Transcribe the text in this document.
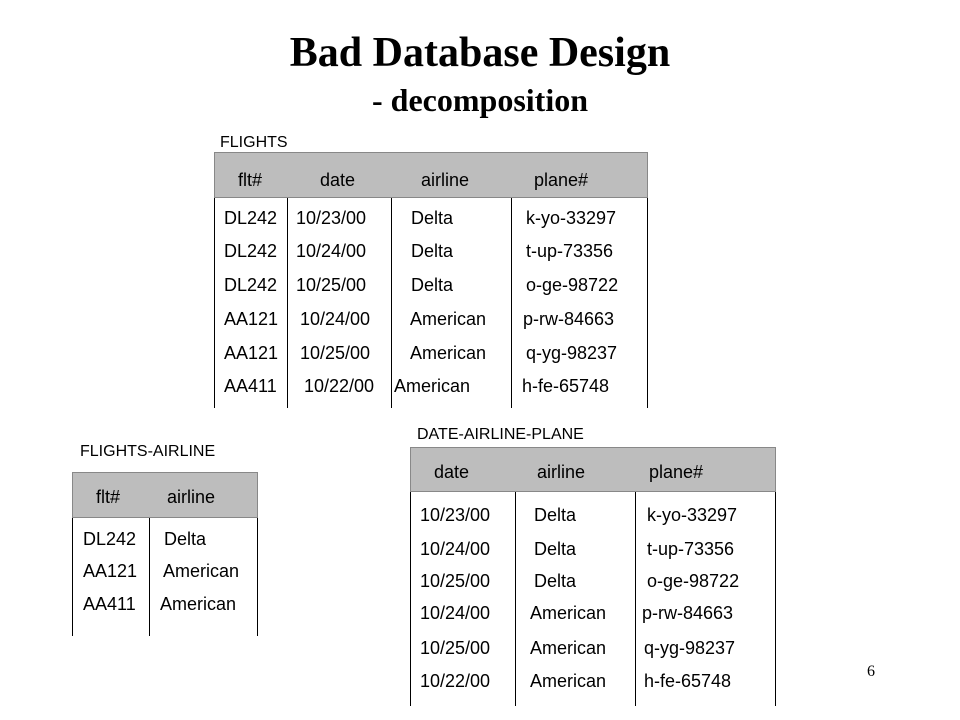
Bad Database Design
- decomposition
FLIGHTS
flt#	date	airline	plane#
DL242 10/23/00 Delta	k-yo-33297
DL242 10/24/00 Delta	t-up-73356
DL242 10/25/00 Delta	o-ge-98722
AA121 10/24/00 American p-rw-84663
AA121 10/25/00 American q-yg-98237
AA411 10/22/00 American	h-fe-65748
FLIGHTS-AIRLINE
flt#	airline
DL242 Delta
AA121 American
AA411 American
DATE-AIRLINE-PLANE
date	airline	plane#
10/23/00 Delta	k-yo-33297
10/24/00 Delta	t-up-73356
10/25/00 Delta	o-ge-98722
10/24/00 American p-rw-84663
10/25/00 American q-yg-98237
10/22/00 American h-fe-65748	6
